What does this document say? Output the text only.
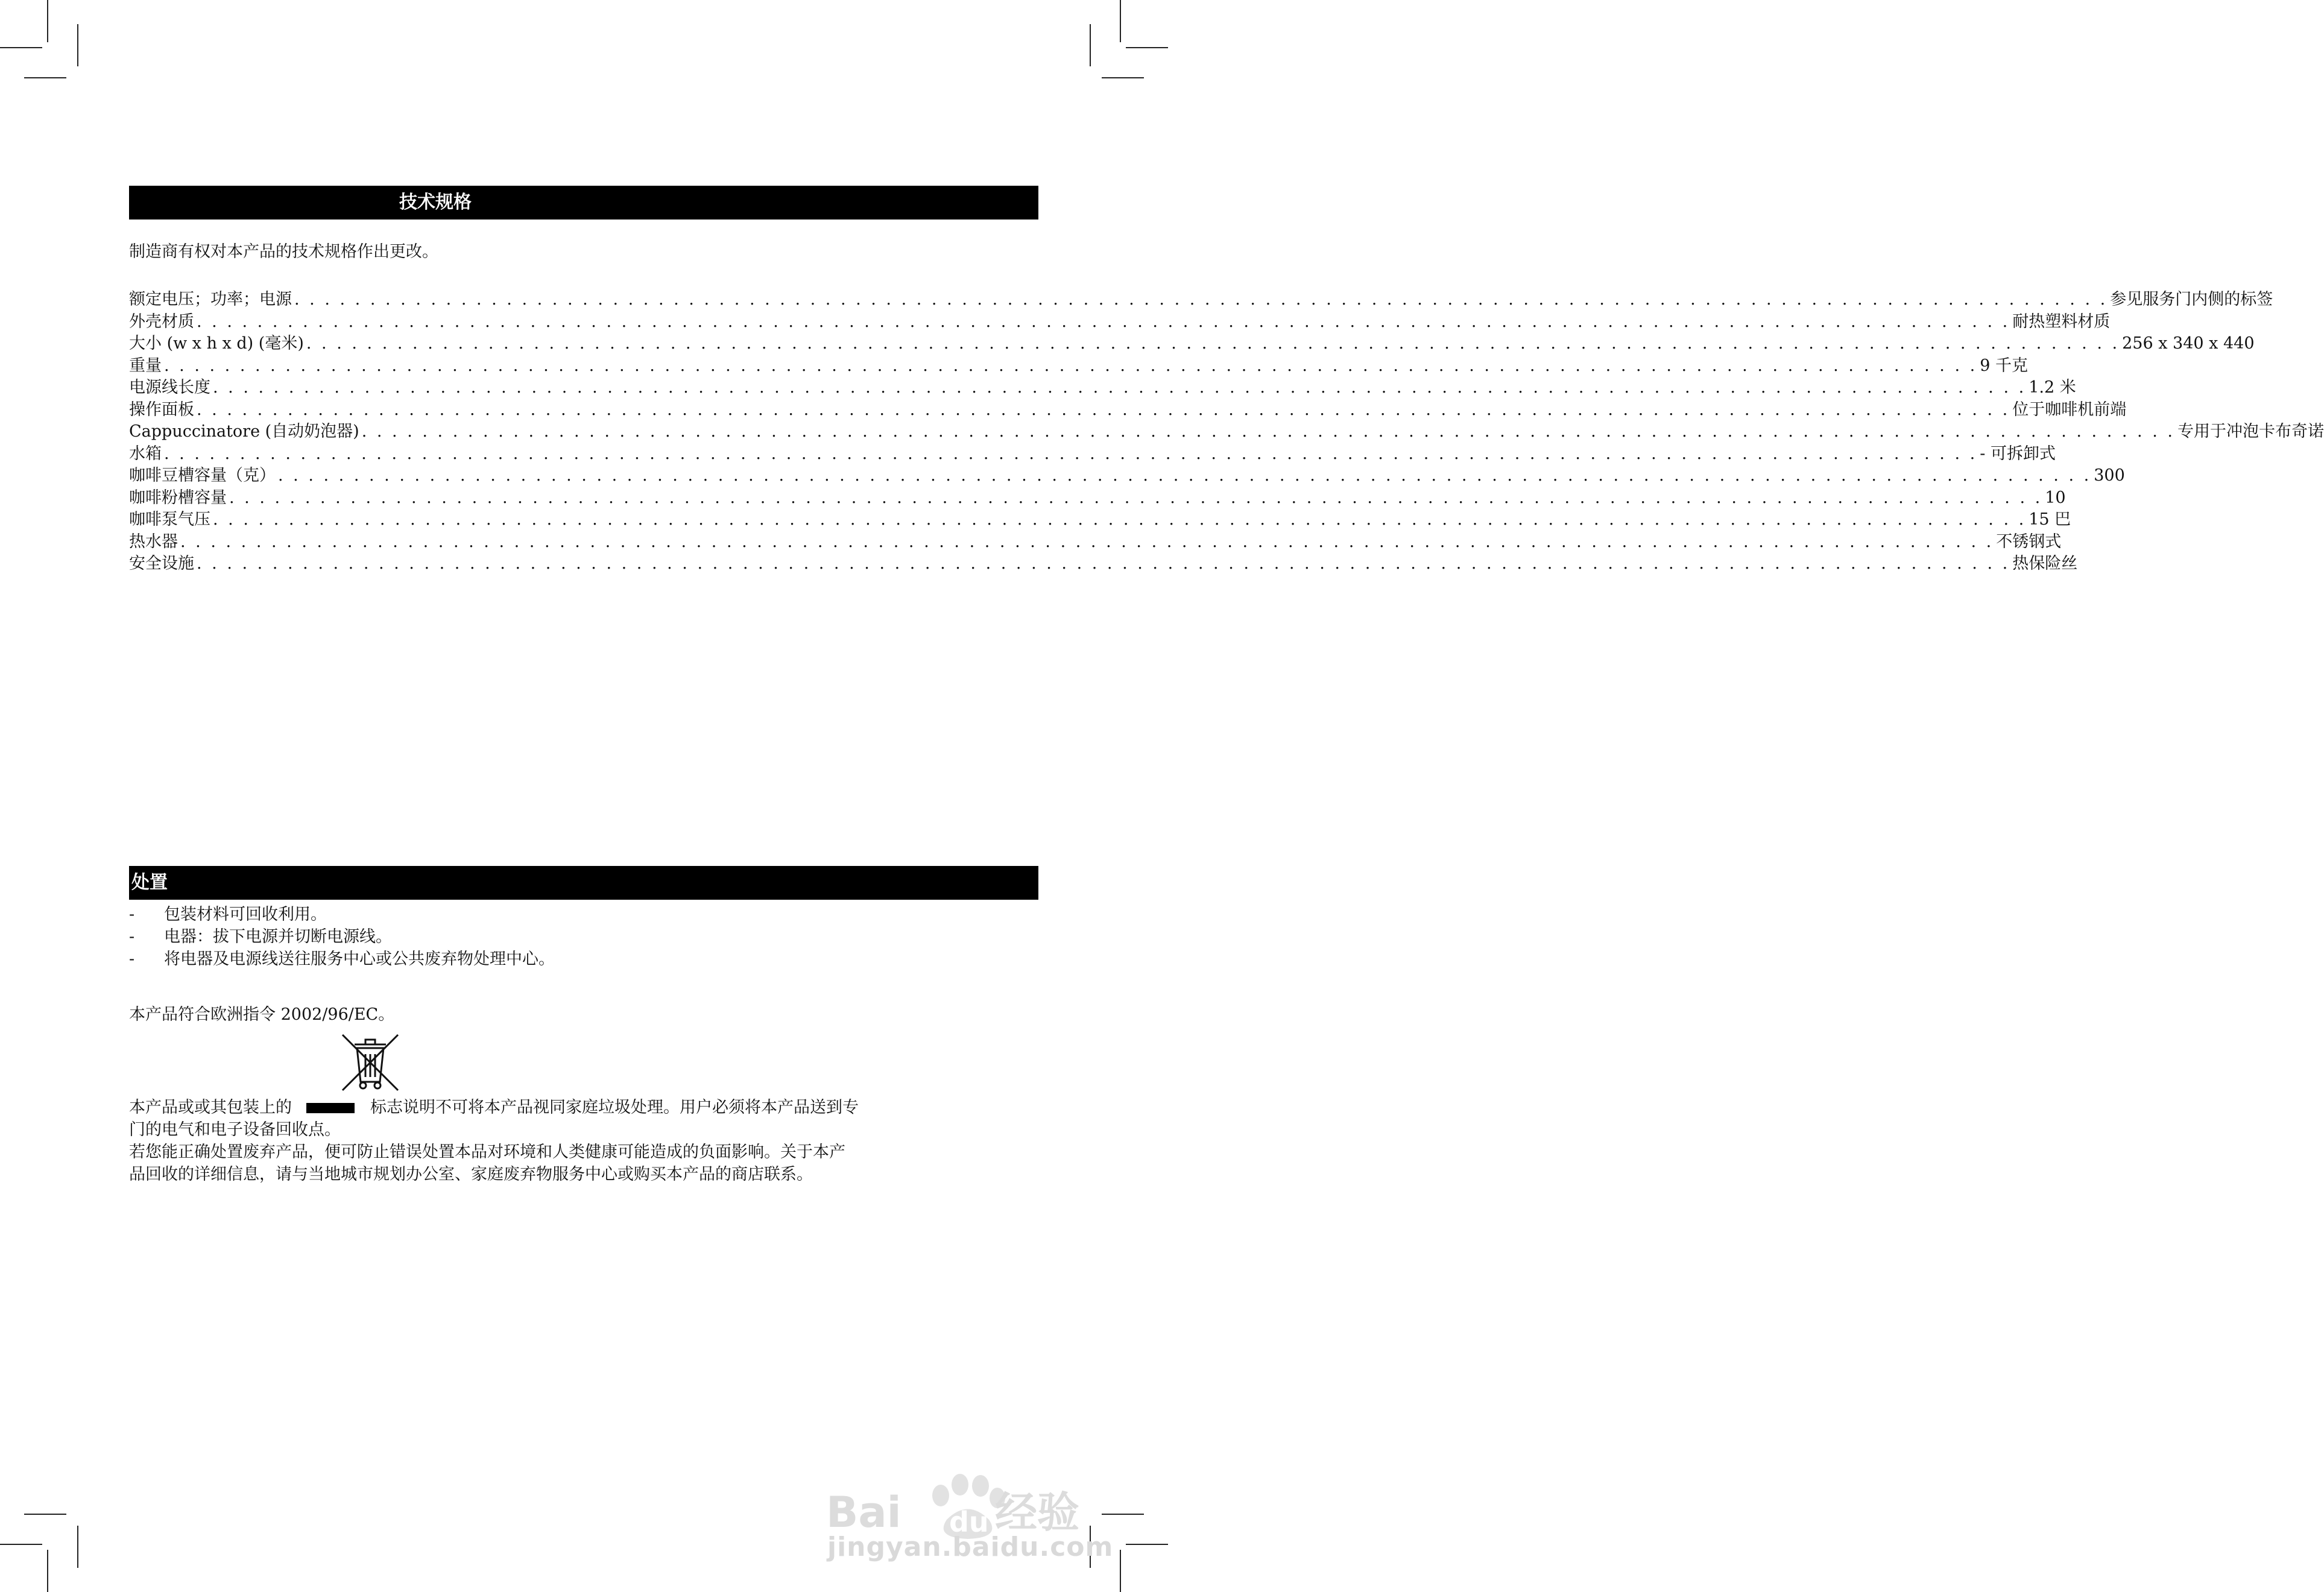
技术规格
制造商有权对本产品的技术规格作出更改。
额定电压；功率；电源 . . . . . . . . . . . . . . . . . . . . . . . . . . . . . . . . . . . . . . . . . . . . . . . . . . . . . . . . . . . . . . . . . . . . . . . . . . . . . . . . . . . . . . . . . . . . . . . . . . . . . . . . . . . . . . . . . . . . . . . . 参见服务门内侧的标签
外壳材质 . . . . . . . . . . . . . . . . . . . . . . . . . . . . . . . . . . . . . . . . . . . . . . . . . . . . . . . . . . . . . . . . . . . . . . . . . . . . . . . . . . . . . . . . . . . . . . . . . . . . . . . . . . . . . . . . . . . . . . . . 耐热塑料材质
大小 (w x h x d) (毫米) . . . . . . . . . . . . . . . . . . . . . . . . . . . . . . . . . . . . . . . . . . . . . . . . . . . . . . . . . . . . . . . . . . . . . . . . . . . . . . . . . . . . . . . . . . . . . . . . . . . . . . . . . . . . . . . . . . . . . . . . 256 x 340 x 440
重量 . . . . . . . . . . . . . . . . . . . . . . . . . . . . . . . . . . . . . . . . . . . . . . . . . . . . . . . . . . . . . . . . . . . . . . . . . . . . . . . . . . . . . . . . . . . . . . . . . . . . . . . . . . . . . . . . . . . . . . . . 9 千克
电源线长度 . . . . . . . . . . . . . . . . . . . . . . . . . . . . . . . . . . . . . . . . . . . . . . . . . . . . . . . . . . . . . . . . . . . . . . . . . . . . . . . . . . . . . . . . . . . . . . . . . . . . . . . . . . . . . . . . . . . . . . . . 1.2 米
操作面板 . . . . . . . . . . . . . . . . . . . . . . . . . . . . . . . . . . . . . . . . . . . . . . . . . . . . . . . . . . . . . . . . . . . . . . . . . . . . . . . . . . . . . . . . . . . . . . . . . . . . . . . . . . . . . . . . . . . . . . . . 位于咖啡机前端
Cappuccinatore (自动奶泡器) . . . . . . . . . . . . . . . . . . . . . . . . . . . . . . . . . . . . . . . . . . . . . . . . . . . . . . . . . . . . . . . . . . . . . . . . . . . . . . . . . . . . . . . . . . . . . . . . . . . . . . . . . . . . . . . . . . . . . . . . 专用于冲泡卡布奇诺
水箱 . . . . . . . . . . . . . . . . . . . . . . . . . . . . . . . . . . . . . . . . . . . . . . . . . . . . . . . . . . . . . . . . . . . . . . . . . . . . . . . . . . . . . . . . . . . . . . . . . . . . . . . . . . . . . . . . . . . . . . . . - 可拆卸式
咖啡豆槽容量（克） . . . . . . . . . . . . . . . . . . . . . . . . . . . . . . . . . . . . . . . . . . . . . . . . . . . . . . . . . . . . . . . . . . . . . . . . . . . . . . . . . . . . . . . . . . . . . . . . . . . . . . . . . . . . . . . . . . . . . . . . 300
咖啡粉槽容量 . . . . . . . . . . . . . . . . . . . . . . . . . . . . . . . . . . . . . . . . . . . . . . . . . . . . . . . . . . . . . . . . . . . . . . . . . . . . . . . . . . . . . . . . . . . . . . . . . . . . . . . . . . . . . . . . . . . . . . . . 10
咖啡泵气压 . . . . . . . . . . . . . . . . . . . . . . . . . . . . . . . . . . . . . . . . . . . . . . . . . . . . . . . . . . . . . . . . . . . . . . . . . . . . . . . . . . . . . . . . . . . . . . . . . . . . . . . . . . . . . . . . . . . . . . . . 15 巴
热水器 . . . . . . . . . . . . . . . . . . . . . . . . . . . . . . . . . . . . . . . . . . . . . . . . . . . . . . . . . . . . . . . . . . . . . . . . . . . . . . . . . . . . . . . . . . . . . . . . . . . . . . . . . . . . . . . . . . . . . . . . 不锈钢式
安全设施 . . . . . . . . . . . . . . . . . . . . . . . . . . . . . . . . . . . . . . . . . . . . . . . . . . . . . . . . . . . . . . . . . . . . . . . . . . . . . . . . . . . . . . . . . . . . . . . . . . . . . . . . . . . . . . . . . . . . . . . . 热保险丝
处置
-	包装材料可回收利用。
-	电器：拔下电源并切断电源线。
-	将电器及电源线送往服务中心或公共废弃物处理中心。
本产品符合欧洲指令 2002/96/EC。
本产品或或其包装上的	标志说明不可将本产品视同家庭垃圾处理。用户必须将本产品送到专
门的电气和电子设备回收点。
若您能正确处置废弃产品，便可防止错误处置本品对环境和人类健康可能造成的负面影响。关于本产
品回收的详细信息，请与当地城市规划办公室、家庭废弃物服务中心或购买本产品的商店联系。
Bai 经验
du
jingyan.baidu.com
